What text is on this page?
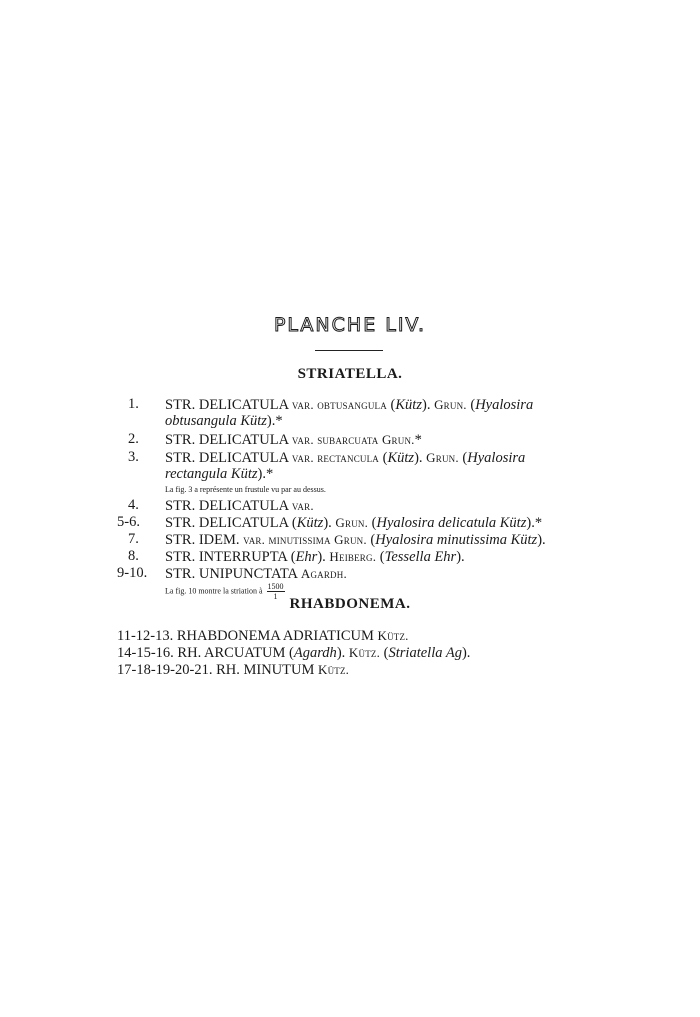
PLANCHE LIV.
STRIATELLA.
1. STR. DELICATULA var. obtusangula (Kütz). Grun. (Hyalosira
obtusangula Kütz).*
2. STR. DELICATULA var. subarcuata Grun.*
3. STR. DELICATULA var. rectancula (Kütz). Grun. (Hyalosira
rectangula Kütz).*
La fig. 3 a représente un frustule vu par au dessus.
4. STR. DELICATULA var.
5-6. STR. DELICATULA (Kütz). Grun. (Hyalosira delicatula Kütz).*
7. STR. IDEM. var. minutissima Grun. (Hyalosira minutissima Kütz).
8. STR. INTERRUPTA (Ehr). Heiberg. (Tessella Ehr).
9-10. STR. UNIPUNCTATA Agardh.
La fig. 10 montre la striation à $\frac{1500}{1}$
RHABDONEMA.
11-12-13. RHABDONEMA ADRIATICUM Kütz.
14-15-16. RH. ARCUATUM (Agardh). Kütz. (Striatella Ag).
17-18-19-20-21. RH. MINUTUM Kütz.
